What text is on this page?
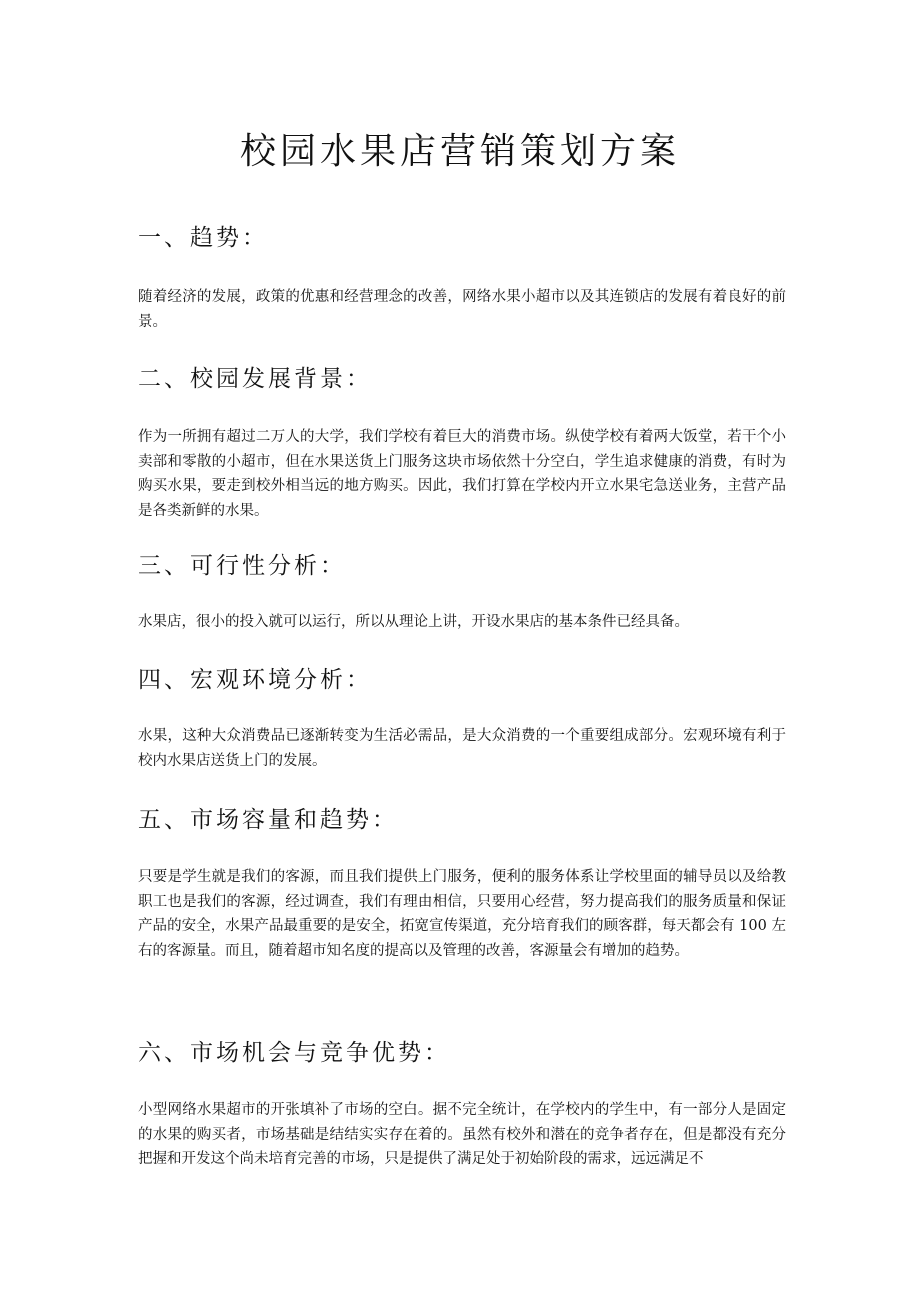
校园水果店营销策划方案
一、趋势：

随着经济的发展，政策的优惠和经营理念的改善，网络水果小超市以及其连锁店的发展有着良好的前景。

二、校园发展背景：

作为一所拥有超过二万人的大学，我们学校有着巨大的消费市场。纵使学校有着两大饭堂，若干个小卖部和零散的小超市，但在水果送货上门服务这块市场依然十分空白，学生追求健康的消费，有时为购买水果，要走到校外相当远的地方购买。因此，我们打算在学校内开立水果宅急送业务，主营产品是各类新鲜的水果。

三、可行性分析：

水果店，很小的投入就可以运行，所以从理论上讲，开设水果店的基本条件已经具备。

四、宏观环境分析：

水果，这种大众消费品已逐渐转变为生活必需品，是大众消费的一个重要组成部分。宏观环境有利于校内水果店送货上门的发展。

五、市场容量和趋势：

只要是学生就是我们的客源，而且我们提供上门服务，便利的服务体系让学校里面的辅导员以及给教职工也是我们的客源，经过调查，我们有理由相信，只要用心经营，努力提高我们的服务质量和保证产品的安全，水果产品最重要的是安全，拓宽宣传渠道，充分培育我们的顾客群，每天都会有 100 左右的客源量。而且，随着超市知名度的提高以及管理的改善，客源量会有增加的趋势。

六、市场机会与竞争优势：

小型网络水果超市的开张填补了市场的空白。据不完全统计，在学校内的学生中，有一部分人是固定的水果的购买者，市场基础是结结实实存在着的。虽然有校外和潜在的竞争者存在，但是都没有充分把握和开发这个尚未培育完善的市场，只是提供了满足处于初始阶段的需求，远远满足不
